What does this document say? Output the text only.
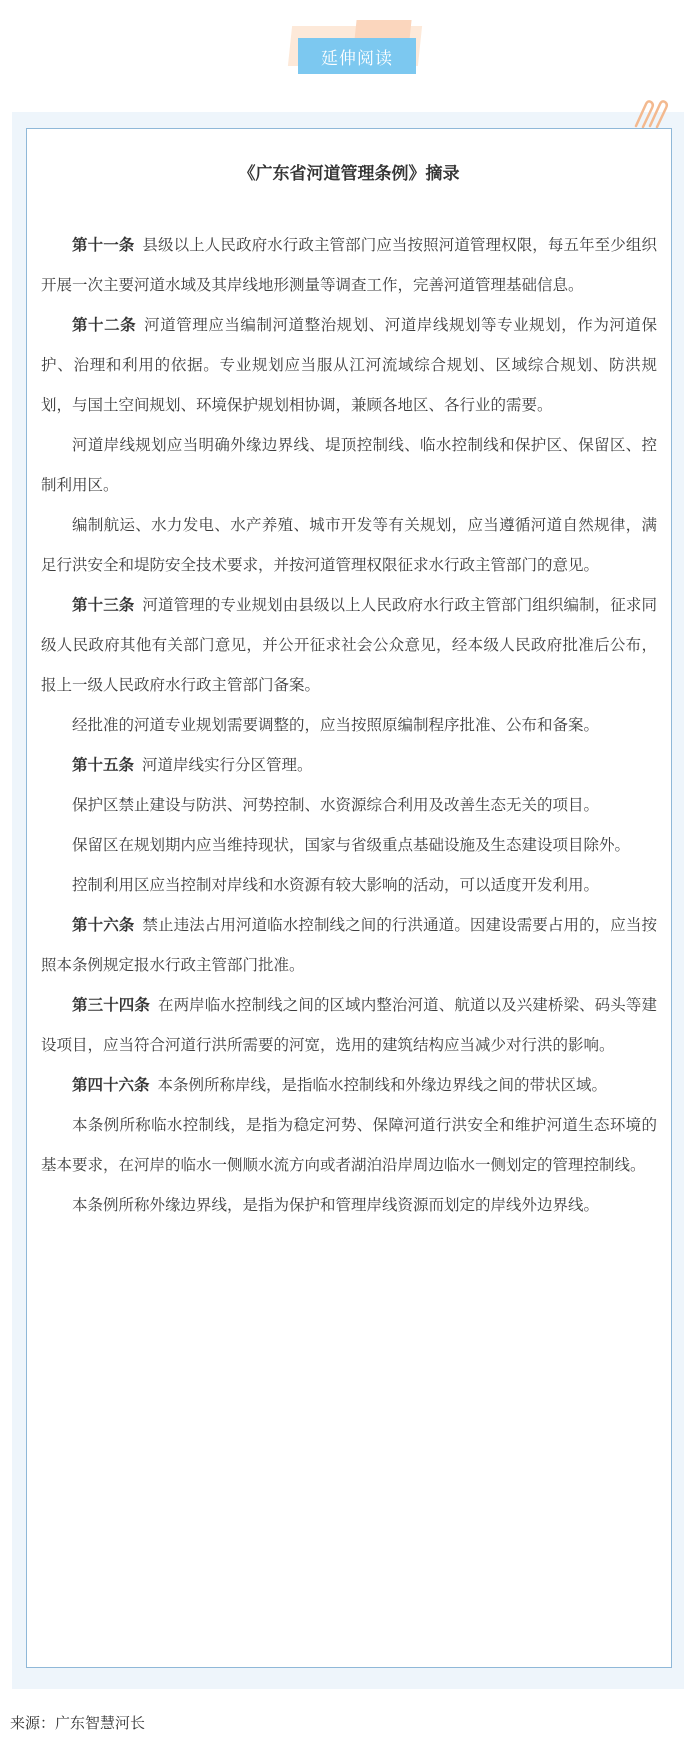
延伸阅读
《广东省河道管理条例》摘录

第十一条 县级以上人民政府水行政主管部门应当按照河道管理权限，每五年至少组织开展一次主要河道水域及其岸线地形测量等调查工作，完善河道管理基础信息。

第十二条 河道管理应当编制河道整治规划、河道岸线规划等专业规划，作为河道保护、治理和利用的依据。专业规划应当服从江河流域综合规划、区域综合规划、防洪规划，与国土空间规划、环境保护规划相协调，兼顾各地区、各行业的需要。

河道岸线规划应当明确外缘边界线、堤顶控制线、临水控制线和保护区、保留区、控制利用区。

编制航运、水力发电、水产养殖、城市开发等有关规划，应当遵循河道自然规律，满足行洪安全和堤防安全技术要求，并按河道管理权限征求水行政主管部门的意见。

第十三条 河道管理的专业规划由县级以上人民政府水行政主管部门组织编制，征求同级人民政府其他有关部门意见，并公开征求社会公众意见，经本级人民政府批准后公布，报上一级人民政府水行政主管部门备案。

经批准的河道专业规划需要调整的，应当按照原编制程序批准、公布和备案。

第十五条 河道岸线实行分区管理。

保护区禁止建设与防洪、河势控制、水资源综合利用及改善生态无关的项目。

保留区在规划期内应当维持现状，国家与省级重点基础设施及生态建设项目除外。

控制利用区应当控制对岸线和水资源有较大影响的活动，可以适度开发利用。

第十六条 禁止违法占用河道临水控制线之间的行洪通道。因建设需要占用的，应当按照本条例规定报水行政主管部门批准。

第三十四条 在两岸临水控制线之间的区域内整治河道、航道以及兴建桥梁、码头等建设项目，应当符合河道行洪所需要的河宽，选用的建筑结构应当减少对行洪的影响。

第四十六条 本条例所称岸线，是指临水控制线和外缘边界线之间的带状区域。

本条例所称临水控制线，是指为稳定河势、保障河道行洪安全和维护河道生态环境的基本要求，在河岸的临水一侧顺水流方向或者湖泊沿岸周边临水一侧划定的管理控制线。

本条例所称外缘边界线，是指为保护和管理岸线资源而划定的岸线外边界线。

来源：广东智慧河长
